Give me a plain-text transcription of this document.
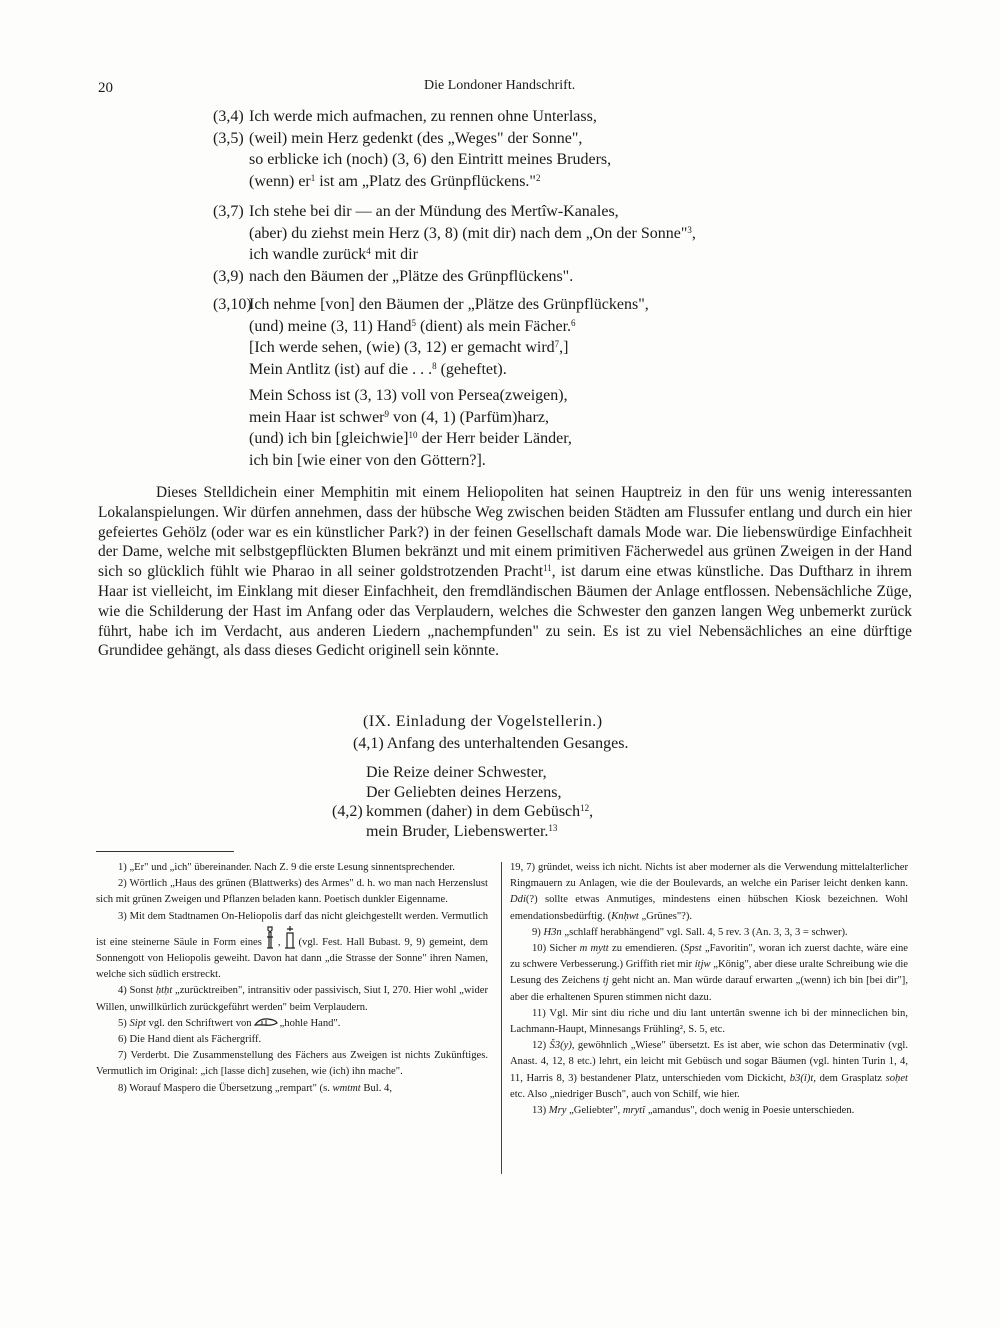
20	Die Londoner Handschrift.
(3,4) Ich werde mich aufmachen, zu rennen ohne Unterlass,
(3,5) (weil) mein Herz gedenkt (des „Weges" der Sonne",
so erblicke ich (noch) (3, 6) den Eintritt meines Bruders,
(wenn) $er^1$ ist am „Platz des Grünpflückens."$^2$
(3,7) Ich stehe bei dir — an der Mündung des Mertîw-Kanales,
(aber) du ziehst mein Herz (3, 8) (mit dir) nach dem „On der Sonne"$^3$,
ich wandle zurück$^4$ mit dir
(3,9) nach den Bäumen der „Plätze des Grünpflückens".
(3,10)Ich nehme [von] den Bäumen der „Plätze des Grünpflückens",
(und) meine (3, 11) Hand$^5$ (dient) als mein Fächer.$^6$
[Ich werde sehen, (wie) (3, 12) er gemacht wird$^7$,]
Mein Antlitz (ist) auf die . . .$^8$ (geheftet).
Mein Schoss ist (3, 13) voll von Persea(zweigen),
mein Haar ist schwer$^9$ von (4, 1) (Parfüm)harz,
(und) ich bin [gleichwie]$^{10}$ der Herr beider Länder,
ich bin [wie einer von den Göttern?].

Dieses Stelldichein einer Memphitin mit einem Heliopoliten hat seinen Hauptreiz in den für uns wenig interessanten Lokalanspielungen. Wir dürfen annehmen, dass der hübsche Weg zwischen beiden Städten am Flussufer entlang und durch ein hier gefeiertes Gehölz (oder war es ein künstlicher Park?) in der feinen Gesellschaft damals Mode war. Die liebenswürdige Einfachheit der Dame, welche mit selbstgepflückten Blumen bekränzt und mit einem primitiven Fächerwedel aus grünen Zweigen in der Hand sich so glücklich fühlt wie Pharao in all seiner goldstrotzenden Pracht$^{11}$, ist darum eine etwas künstliche. Das Duftharz in ihrem Haar ist vielleicht, im Einklang mit dieser Einfachheit, den fremdländischen Bäumen der Anlage entflossen. Nebensächliche Züge, wie die Schilderung der Hast im Anfang oder das Verplaudern, welches die Schwester den ganzen langen Weg unbemerkt zurück führt, habe ich im Verdacht, aus anderen Liedern „nachempfunden" zu sein. Es ist zu viel Nebensächliches an eine dürftige Grundidee gehängt, als dass dieses Gedicht originell sein könnte.

(IX. Einladung der Vogelstellerin.)
(4,1) Anfang des unterhaltenden Gesanges.
Die Reize deiner Schwester,
Der Geliebten deines Herzens,
(4,2) kommen (daher) in dem Gebüsch$^{12}$,
mein Bruder, Liebenswerter.$^{13}$

1) „Er" und „ich" übereinander. Nach Z. 9 die erste Lesung sinnentsprechender.

2) Wörtlich „Haus des grünen (Blattwerks) des Armes" d. h. wo man nach Herzenslust sich mit grünen Zweigen und Pflanzen beladen kann. Poetisch dunkler Eigenname.

3) Mit dem Stadtnamen On-Heliopolis darf das nicht gleichgestellt werden. Vermutlich ist eine steinerne Säule in Form eines , (vgl. Fest. Hall Bubast. 9, 9) gemeint, dem Sonnengott von Heliopolis geweiht. Davon hat dann „die Strasse der Sonne" ihren Namen, welche sich südlich erstreckt.

4) Sonst ḥtḥt „zurücktreiben", intransitiv oder passivisch, Siut I, 270. Hier wohl „wider Willen, unwillkürlich zurückgeführt werden" beim Verplaudern.

5) Sipt vgl. den Schriftwert von	„hohle Hand".

6) Die Hand dient als Fächergriff.

7) Verderbt. Die Zusammenstellung des Fächers aus Zweigen ist nichts Zukünftiges. Vermutlich im Original: „ich [lasse dich] zusehen, wie (ich) ihn mache".

8) Worauf Maspero die Übersetzung „rempart" (s. wmtmt Bul. 4,

19, 7) gründet, weiss ich nicht. Nichts ist aber moderner als die Verwendung mittelalterlicher Ringmauern zu Anlagen, wie die der Boulevards, an welche ein Pariser leicht denken kann. Ddi(?) sollte etwas Anmutiges, mindestens einen hübschen Kiosk bezeichnen. Wohl emendationsbedürftig. (Knḥwt „Grünes"?).

9) H3n „schlaff herabhängend" vgl. Sall. 4, 5 rev. 3 (An. 3, 3, 3 = schwer).

10) Sicher m mytt zu emendieren. (Spst „Favoritin", woran ich zuerst dachte, wäre eine zu schwere Verbesserung.) Griffith riet mir ỉtjw „König", aber diese uralte Schreibung wie die Lesung des Zeichens tj geht nicht an. Man würde darauf erwarten „(wenn) ich bin [bei dir"], aber die erhaltenen Spuren stimmen nicht dazu.

11) Vgl. Mir sint diu riche und diu lant untertân swenne ich bi der minneclichen bin, Lachmann-Haupt, Minnesangs Frühling², S. 5, etc.

12) Š3(y), gewöhnlich „Wiese" übersetzt. Es ist aber, wie schon das Determinativ (vgl. Anast. 4, 12, 8 etc.) lehrt, ein leicht mit Gebüsch und sogar Bäumen (vgl. hinten Turin 1, 4, 11, Harris 8, 3) bestandener Platz, unterschieden vom Dickicht, b3(ỉ)t, dem Grasplatz soḥet etc. Also „niedriger Busch", auch von Schilf, wie hier.

13) Mry „Geliebter", mrytî „amandus", doch wenig in Poesie unterschieden.
